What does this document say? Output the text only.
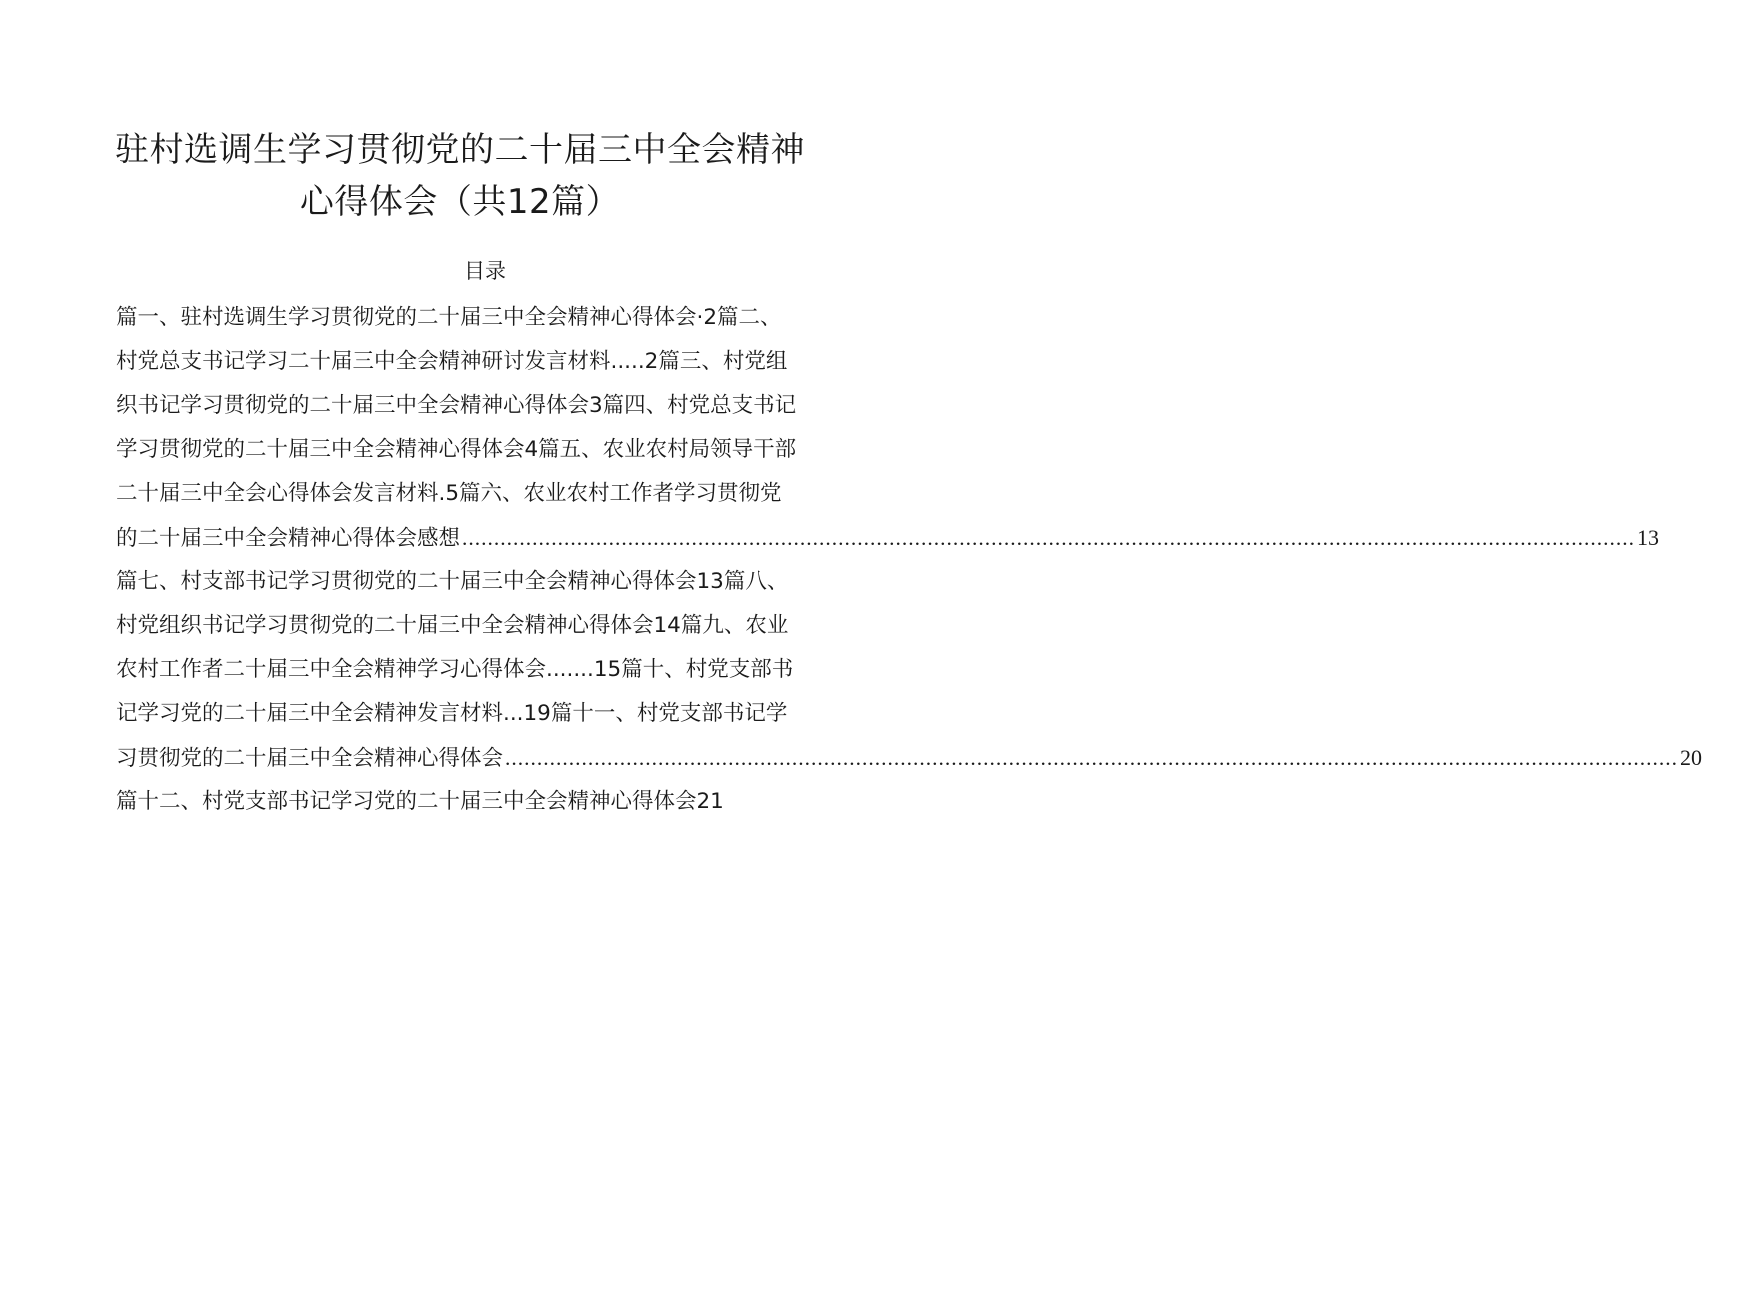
驻村选调生学习贯彻党的二十届三中全会精神
心得体会（共12篇）
目录
篇一、驻村选调生学习贯彻党的二十届三中全会精神心得体会·2篇二、
村党总支书记学习二十届三中全会精神研讨发言材料.....2篇三、村党组
织书记学习贯彻党的二十届三中全会精神心得体会3篇四、村党总支书记
学习贯彻党的二十届三中全会精神心得体会4篇五、农业农村局领导干部
二十届三中全会心得体会发言材料.5篇六、农业农村工作者学习贯彻党
的二十届三中全会精神心得体会感想 ........................................................................................................................................................................................ 13
篇七、村支部书记学习贯彻党的二十届三中全会精神心得体会13篇八、
村党组织书记学习贯彻党的二十届三中全会精神心得体会14篇九、农业
农村工作者二十届三中全会精神学习心得体会.......15篇十、村党支部书
记学习党的二十届三中全会精神发言材料...19篇十一、村党支部书记学
习贯彻党的二十届三中全会精神心得体会 ........................................................................................................................................................................................ 20
篇十二、村党支部书记学习党的二十届三中全会精神心得体会21
